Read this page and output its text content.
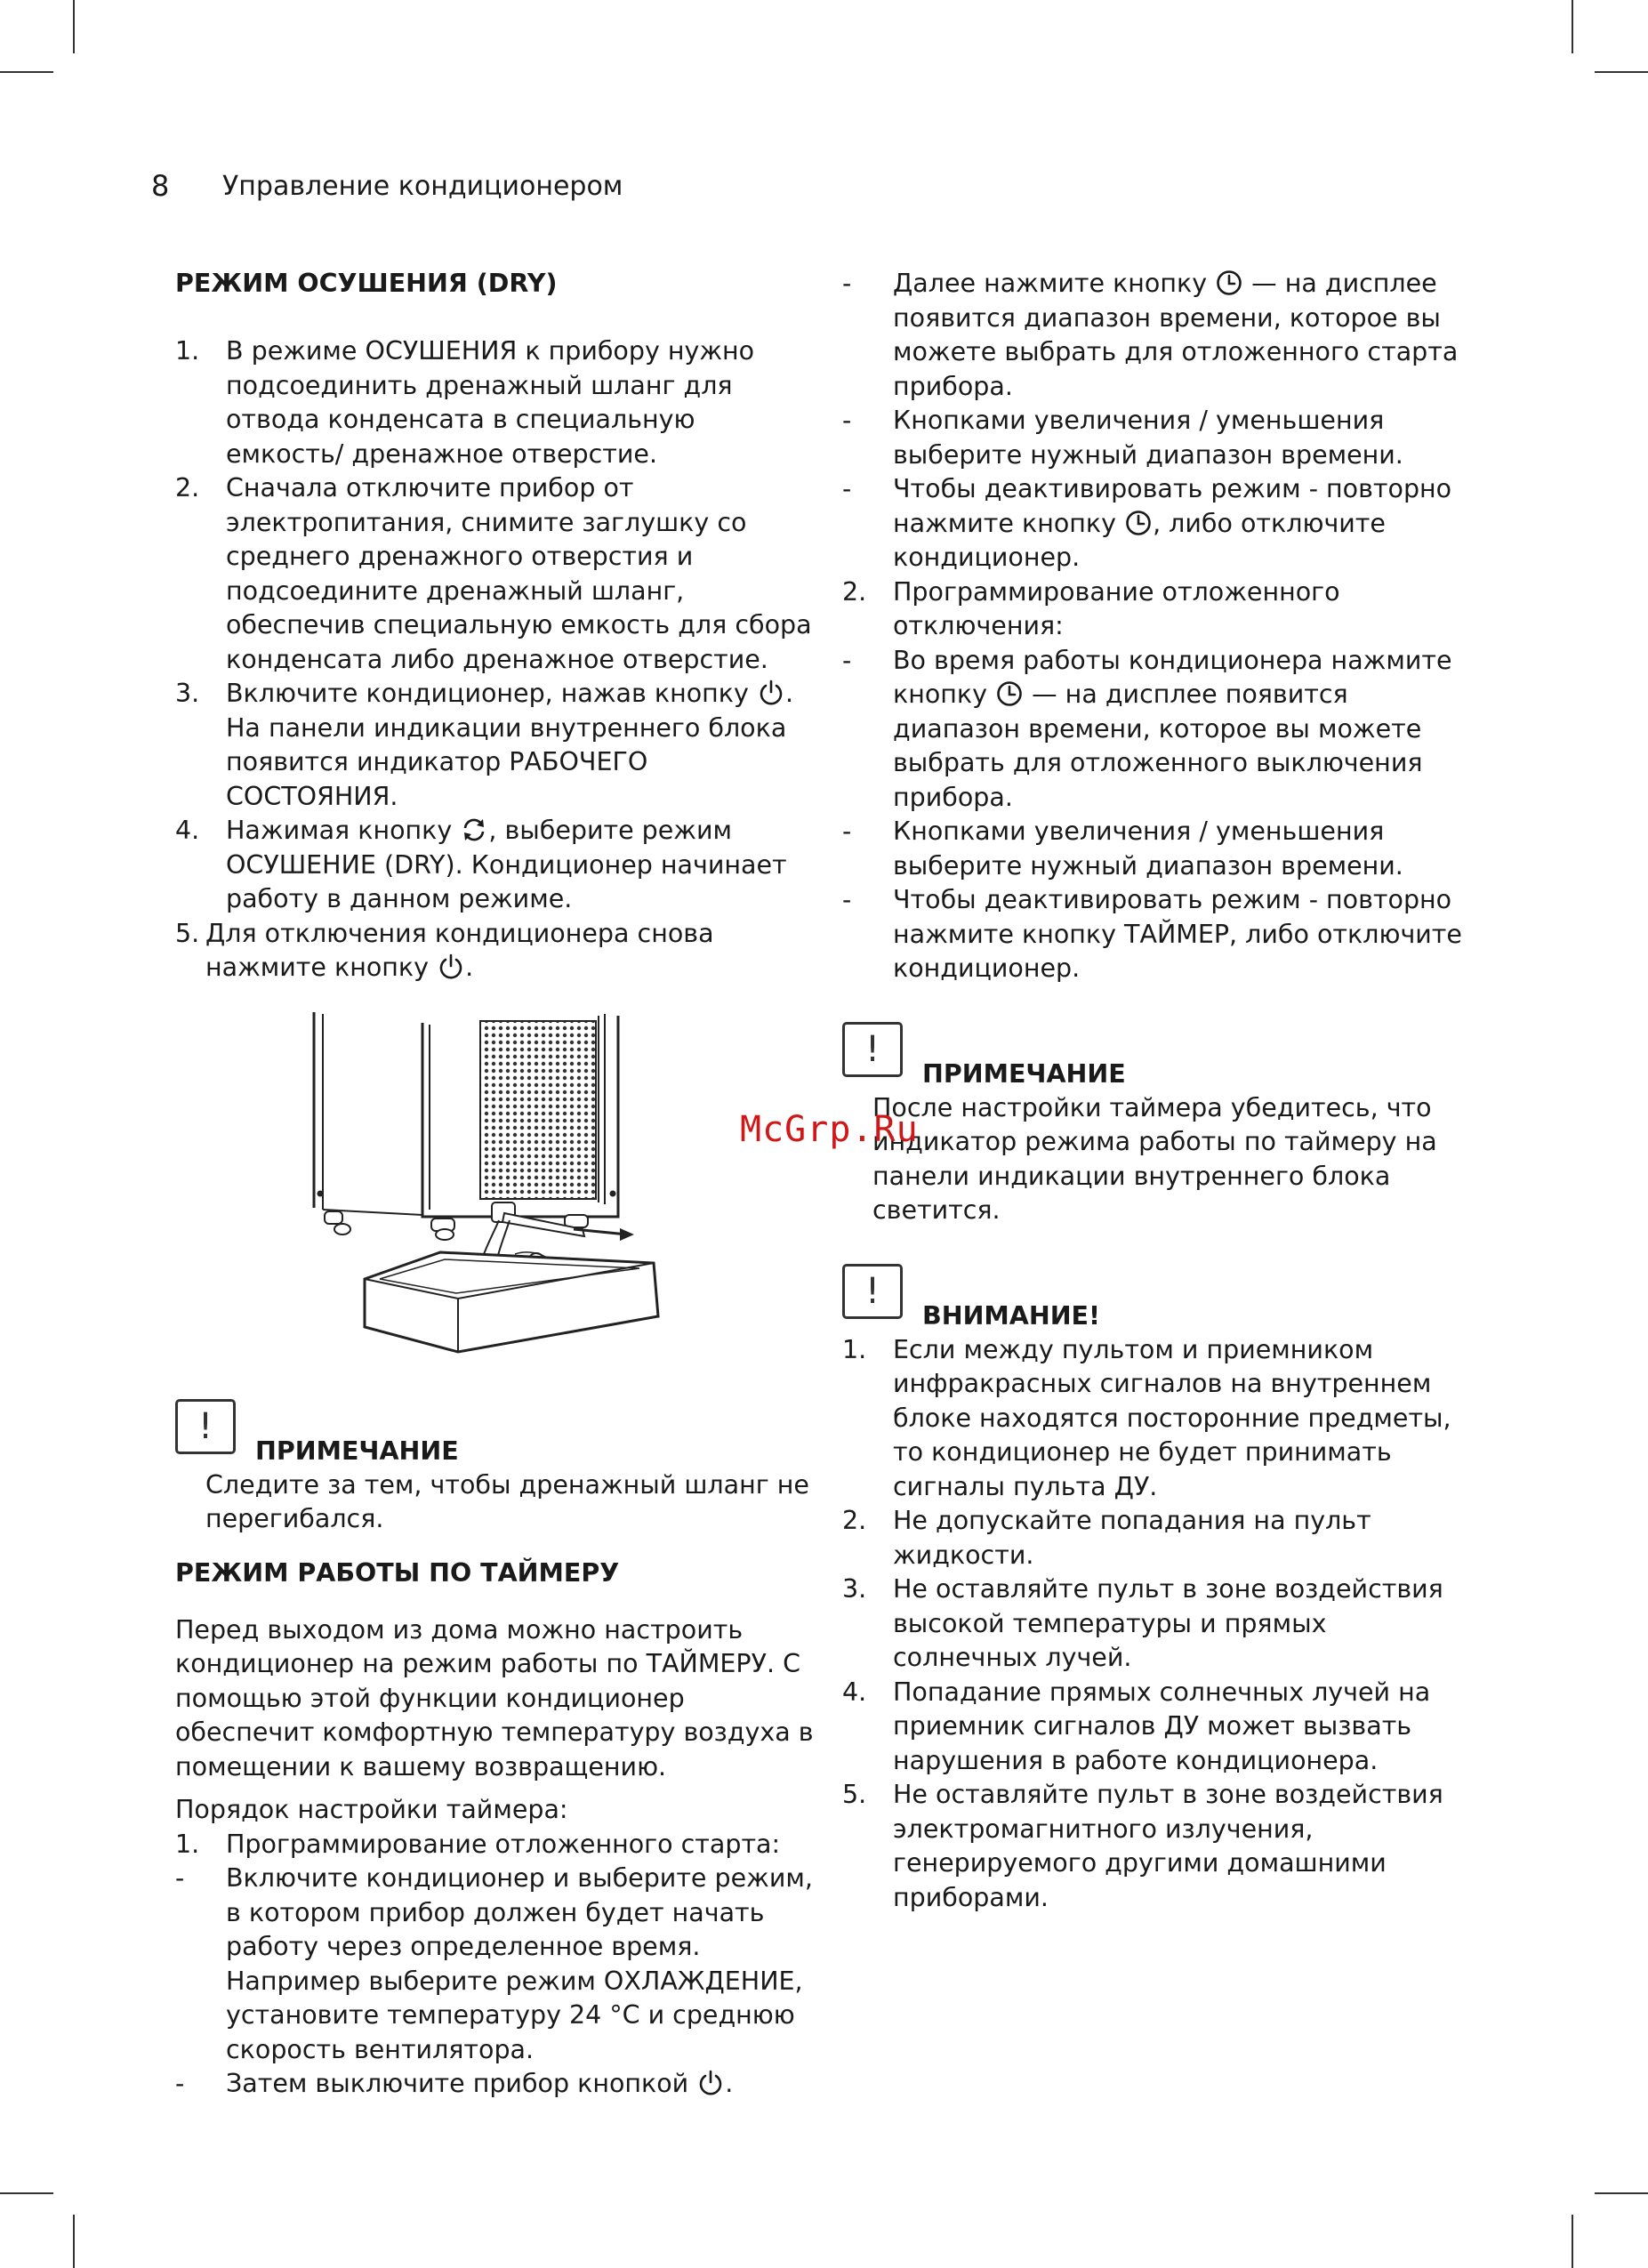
8 Управление кондиционером
РЕЖИМ ОСУШЕНИЯ (DRY)
1. В режиме ОСУШЕНИЯ к прибору нужно подсоединить дренажный шланг для отвода конденсата в специальную емкость/ дренажное отверстие.
2. Сначала отключите прибор от электропитания, снимите заглушку со среднего дренажного отверстия и подсоедините дренажный шланг, обеспечив специальную емкость для сбора конденсата либо дренажное отверстие.
3. Включите кондиционер, нажав кнопку
. На панели индикации внутреннего блока появится индикатор РАБОЧЕГО СОСТОЯНИЯ.
4. Нажимая кнопку
, выберите режим ОСУШЕНИЕ (DRY). Кондиционер начинает работу в данном режиме.
5. Для отключения кондиционера снова нажмите кнопку
.
!
ПРИМЕЧАНИЕ
Следите за тем, чтобы дренажный шланг не перегибался.
РЕЖИМ РАБОТЫ ПО ТАЙМЕРУ

Перед выходом из дома можно настроить кондиционер на режим работы по ТАЙМЕРУ. С помощью этой функции кондиционер обеспечит комфортную температуру воздуха в помещении к вашему возвращению.

Порядок настройки таймера:

1. Программирование отложенного старта:
- Включите кондиционер и выберите режим, в котором прибор должен будет начать работу через определенное время. Например выберите режим ОХЛАЖДЕНИЕ, установите температуру 24 °С и среднюю скорость вентилятора.
- Затем выключите прибор кнопкой
.
- Далее нажмите кнопку
— на дисплее появится диапазон времени, которое вы можете выбрать для отложенного старта прибора.
- Кнопками увеличения / уменьшения выберите нужный диапазон времени.
- Чтобы деактивировать режим - повторно нажмите кнопку
, либо отключите кондиционер.
2. Программирование отложенного отключения:
- Во время работы кондиционера нажмите кнопку
— на дисплее появится диапазон времени, которое вы можете выбрать для отложенного выключения прибора.
- Кнопками увеличения / уменьшения выберите нужный диапазон времени.
- Чтобы деактивировать режим - повторно нажмите кнопку ТАЙМЕР, либо отключите кондиционер.
!
ПРИМЕЧАНИЕ
После настройки таймера убедитесь, что индикатор режима работы по таймеру на панели индикации внутреннего блока светится.
!
ВНИМАНИЕ!
1. Если между пультом и приемником инфракрасных сигналов на внутреннем блоке находятся посторонние предметы, то кондиционер не будет принимать сигналы пульта ДУ.
2. Не допускайте попадания на пульт жидкости.
3. Не оставляйте пульт в зоне воздействия высокой температуры и прямых солнечных лучей.
4. Попадание прямых солнечных лучей на приемник сигналов ДУ может вызвать нарушения в работе кондиционера.
5. Не оставляйте пульт в зоне воздействия электромагнитного излучения, генерируемого другими домашними приборами.
McGrp.Ru
